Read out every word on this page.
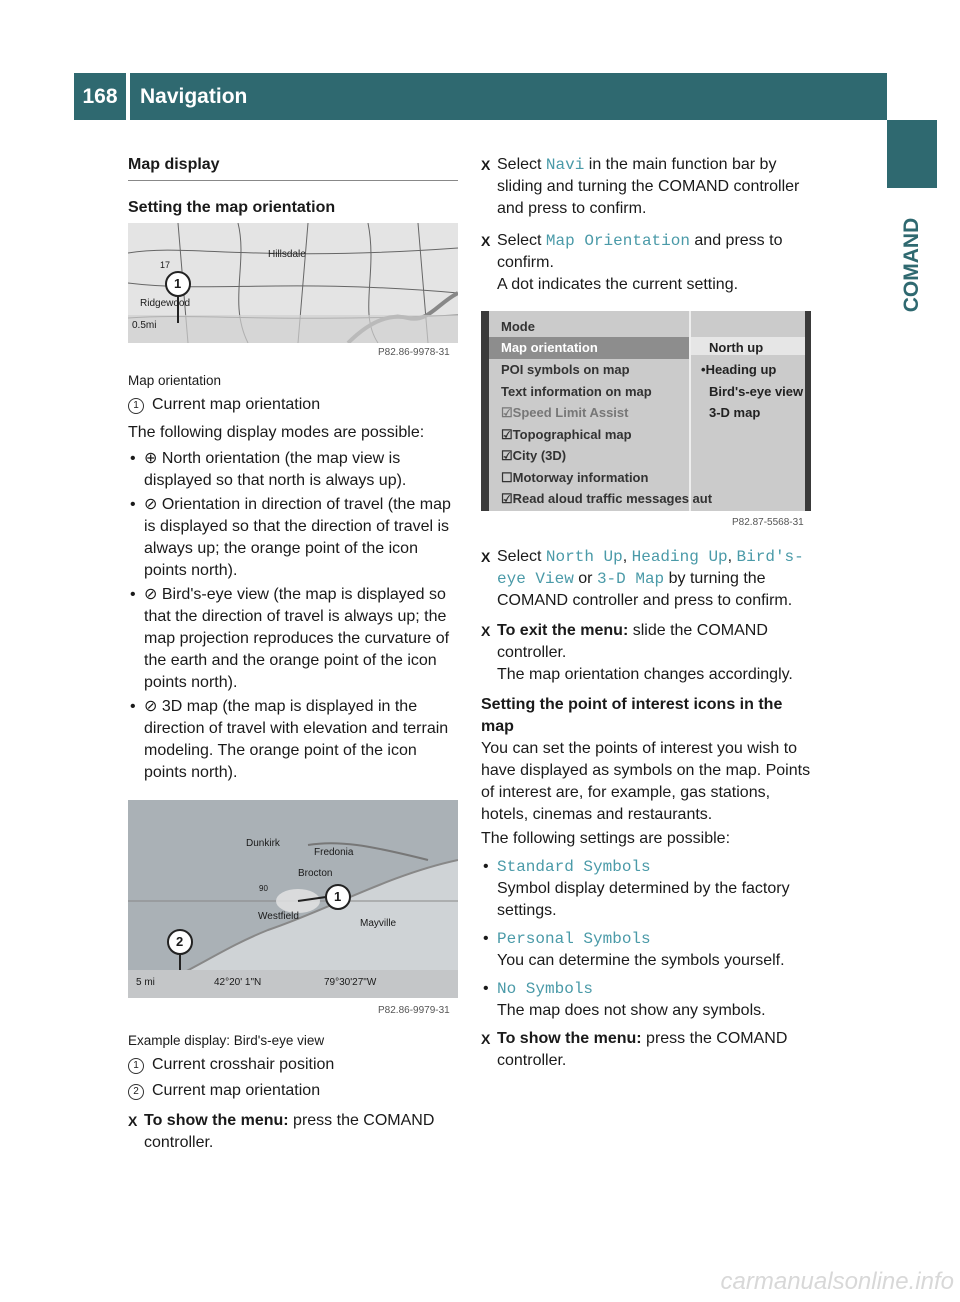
168	Navigation
COMAND

Map display

Setting the map orientation

1
Hillsdale
Ridgewood
0.5mi
17
P82.86-9978-31

Map orientation

1 Current map orientation

The following display modes are possible:

• ⊕ North orientation (the map view is displayed so that north is always up).

• ⊘ Orientation in direction of travel (the map is displayed so that the direction of travel is always up; the orange point of the icon points north).

• ⊘ Bird's-eye view (the map is displayed so that the direction of travel is always up; the map projection reproduces the curvature of the earth and the orange point of the icon points north).

• ⊘ 3D map (the map is displayed in the direction of travel with elevation and terrain modeling. The orange point of the icon points north).

1
2
Dunkirk
Fredonia
Brocton
Westfield
Mayville
90
5 mi	42°20' 1"N	79°30'27"W
P82.86-9979-31

Example display: Bird's-eye view

1 Current crosshair position

2 Current map orientation

X To show the menu: press the COMAND controller.

X Select Navi in the main function bar by sliding and turning the COMAND controller and press to confirm.

X Select Map Orientation and press to confirm.

A dot indicates the current setting.

Mode
Map orientation
POI symbols on map
Text information on map
☑Speed Limit Assist
☑Topographical map
☑City (3D)
☐Motorway information
☑Read aloud traffic messages aut
North up
•Heading up
Bird's-eye view
3-D map
P82.87-5568-31

X Select North Up, Heading Up, Bird's-eye View or 3-D Map by turning the COMAND controller and press to confirm.

X To exit the menu: slide the COMAND controller.

The map orientation changes accordingly.

Setting the point of interest icons in the map

You can set the points of interest you wish to have displayed as symbols on the map. Points of interest are, for example, gas stations, hotels, cinemas and restaurants.

The following settings are possible:

• Standard Symbols

Symbol display determined by the factory settings.

• Personal Symbols

You can determine the symbols yourself.

• No Symbols

The map does not show any symbols.

X To show the menu: press the COMAND controller.

carmanualsonline.info
